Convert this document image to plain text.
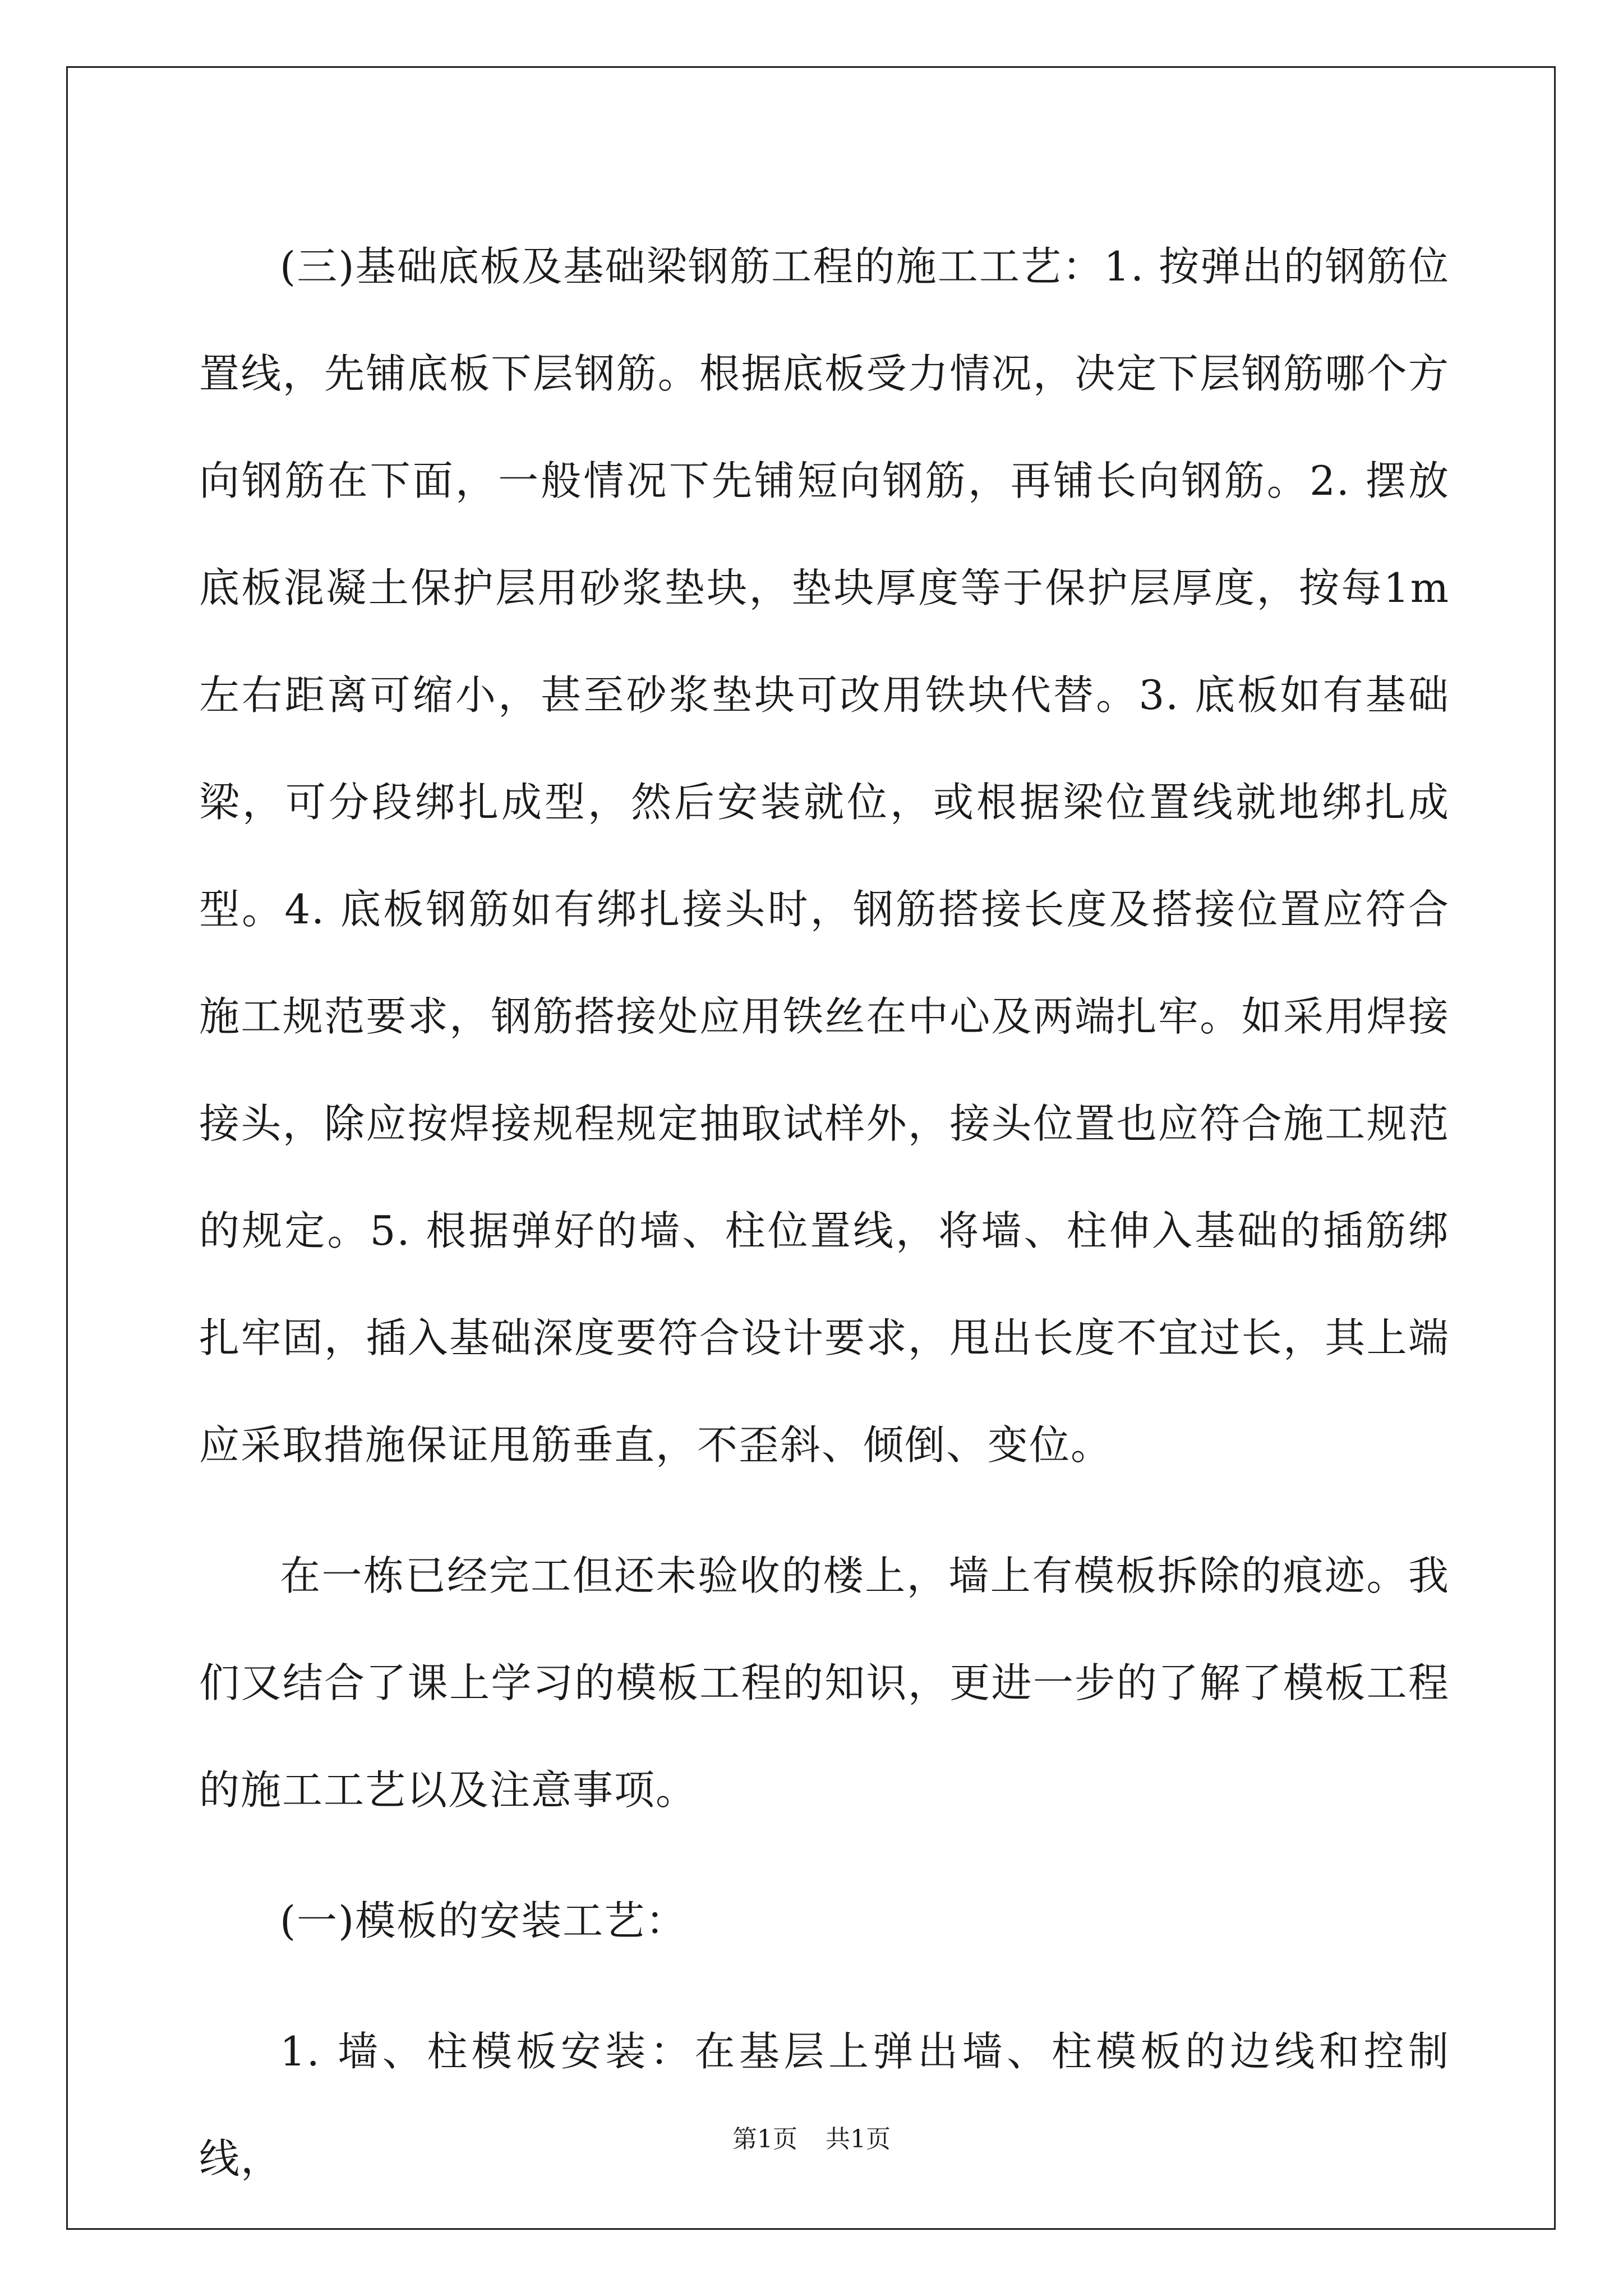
(三)基础底板及基础梁钢筋工程的施工工艺：1. 按弹出的钢筋位置线，先铺底板下层钢筋。根据底板受力情况，决定下层钢筋哪个方向钢筋在下面，一般情况下先铺短向钢筋，再铺长向钢筋。2. 摆放底板混凝土保护层用砂浆垫块，垫块厚度等于保护层厚度，按每1m左右距离可缩小，甚至砂浆垫块可改用铁块代替。3. 底板如有基础梁，可分段绑扎成型，然后安装就位，或根据梁位置线就地绑扎成型。4. 底板钢筋如有绑扎接头时，钢筋搭接长度及搭接位置应符合施工规范要求，钢筋搭接处应用铁丝在中心及两端扎牢。如采用焊接接头，除应按焊接规程规定抽取试样外，接头位置也应符合施工规范的规定。5. 根据弹好的墙、柱位置线，将墙、柱伸入基础的插筋绑扎牢固，插入基础深度要符合设计要求，甩出长度不宜过长，其上端应采取措施保证甩筋垂直，不歪斜、倾倒、变位。

在一栋已经完工但还未验收的楼上，墙上有模板拆除的痕迹。我们又结合了课上学习的模板工程的知识，更进一步的了解了模板工程的施工工艺以及注意事项。

(一)模板的安装工艺：

1. 墙、柱模板安装：在基层上弹出墙、柱模板的边线和控制线，	第1页 共1页
